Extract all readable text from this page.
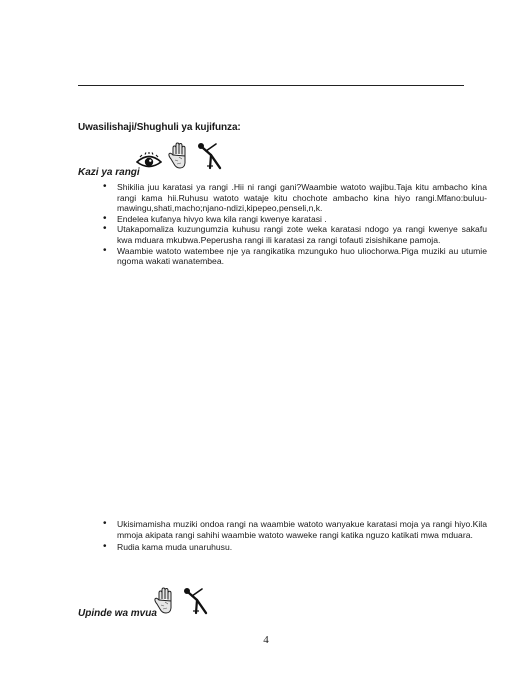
Uwasilishaji/Shughuli ya kujifunza:
Kazi ya rangi
• Shikilia juu karatasi ya rangi .Hii ni rangi gani?Waambie watoto wajibu.Taja kitu ambacho kina rangi kama hii.Ruhusu watoto wataje kitu chochote ambacho kina hiyo rangi.Mfano:buluu-mawingu,shati,macho;njano-ndizi,kipepeo,penseli,n,k.
• Endelea kufanya hivyo kwa kila rangi kwenye karatasi .
• Utakapomaliza kuzungumzia kuhusu rangi zote weka karatasi ndogo ya rangi kwenye sakafu kwa mduara mkubwa.Peperusha rangi ili karatasi za rangi tofauti zisishikane pamoja.
• Waambie watoto watembee nje ya rangikatika mzunguko huo uliochorwa.Piga muziki au utumie ngoma wakati wanatembea.
• Ukisimamisha muziki ondoa rangi na waambie watoto wanyakue karatasi moja ya rangi hiyo.Kila mmoja akipata rangi sahihi waambie watoto waweke rangi katika nguzo katikati mwa mduara.
• Rudia kama muda unaruhusu.
Upinde wa mvua
4
